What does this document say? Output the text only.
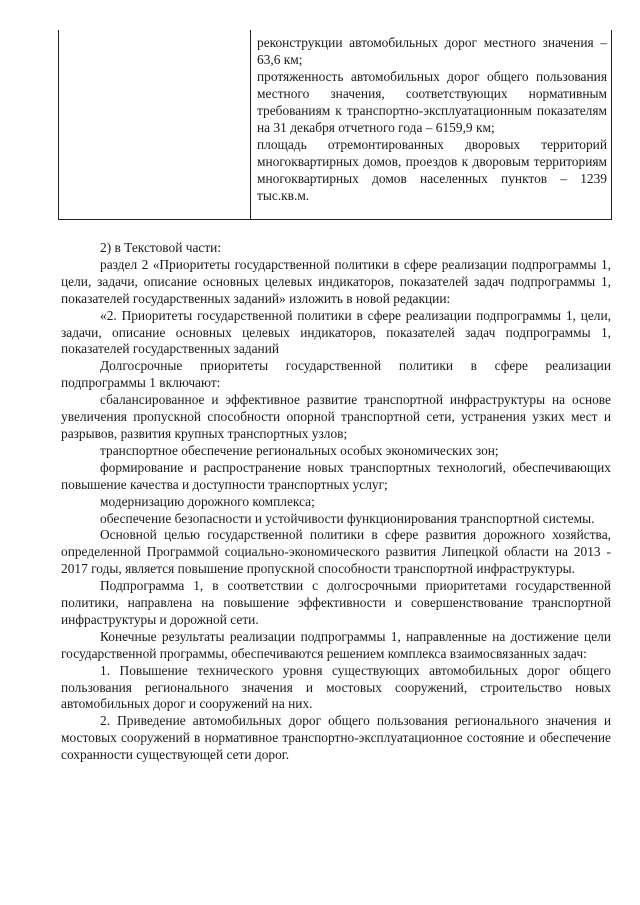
реконструкции автомобильных дорог местного значения – 63,6 км;

протяженность автомобильных дорог общего пользования местного значения, соответствующих нормативным требованиям к транспортно-эксплуатационным показателям на 31 декабря отчетного года – 6159,9 км;

площадь отремонтированных дворовых территорий многоквартирных домов, проездов к дворовым территориям многоквартирных домов населенных пунктов – 1239 тыс.кв.м.

2) в Текстовой части:

раздел 2 «Приоритеты государственной политики в сфере реализации подпрограммы 1, цели, задачи, описание основных целевых индикаторов, показателей задач подпрограммы 1, показателей государственных заданий» изложить в новой редакции:

«2. Приоритеты государственной политики в сфере реализации подпрограммы 1, цели, задачи, описание основных целевых индикаторов, показателей задач подпрограммы 1, показателей государственных заданий

Долгосрочные приоритеты государственной политики в сфере реализации подпрограммы 1 включают:

сбалансированное и эффективное развитие транспортной инфраструктуры на основе увеличения пропускной способности опорной транспортной сети, устранения узких мест и разрывов, развития крупных транспортных узлов;

транспортное обеспечение региональных особых экономических зон;

формирование и распространение новых транспортных технологий, обеспечивающих повышение качества и доступности транспортных услуг;

модернизацию дорожного комплекса;

обеспечение безопасности и устойчивости функционирования транспортной системы.

Основной целью государственной политики в сфере развития дорожного хозяйства, определенной Программой социально-экономического развития Липецкой области на 2013 - 2017 годы, является повышение пропускной способности транспортной инфраструктуры.

Подпрограмма 1, в соответствии с долгосрочными приоритетами государственной политики, направлена на повышение эффективности и совершенствование транспортной инфраструктуры и дорожной сети.

Конечные результаты реализации подпрограммы 1, направленные на достижение цели государственной программы, обеспечиваются решением комплекса взаимосвязанных задач:

1. Повышение технического уровня существующих автомобильных дорог общего пользования регионального значения и мостовых сооружений, строительство новых автомобильных дорог и сооружений на них.

2. Приведение автомобильных дорог общего пользования регионального значения и мостовых сооружений в нормативное транспортно-эксплуатационное состояние и обеспечение сохранности существующей сети дорог.
